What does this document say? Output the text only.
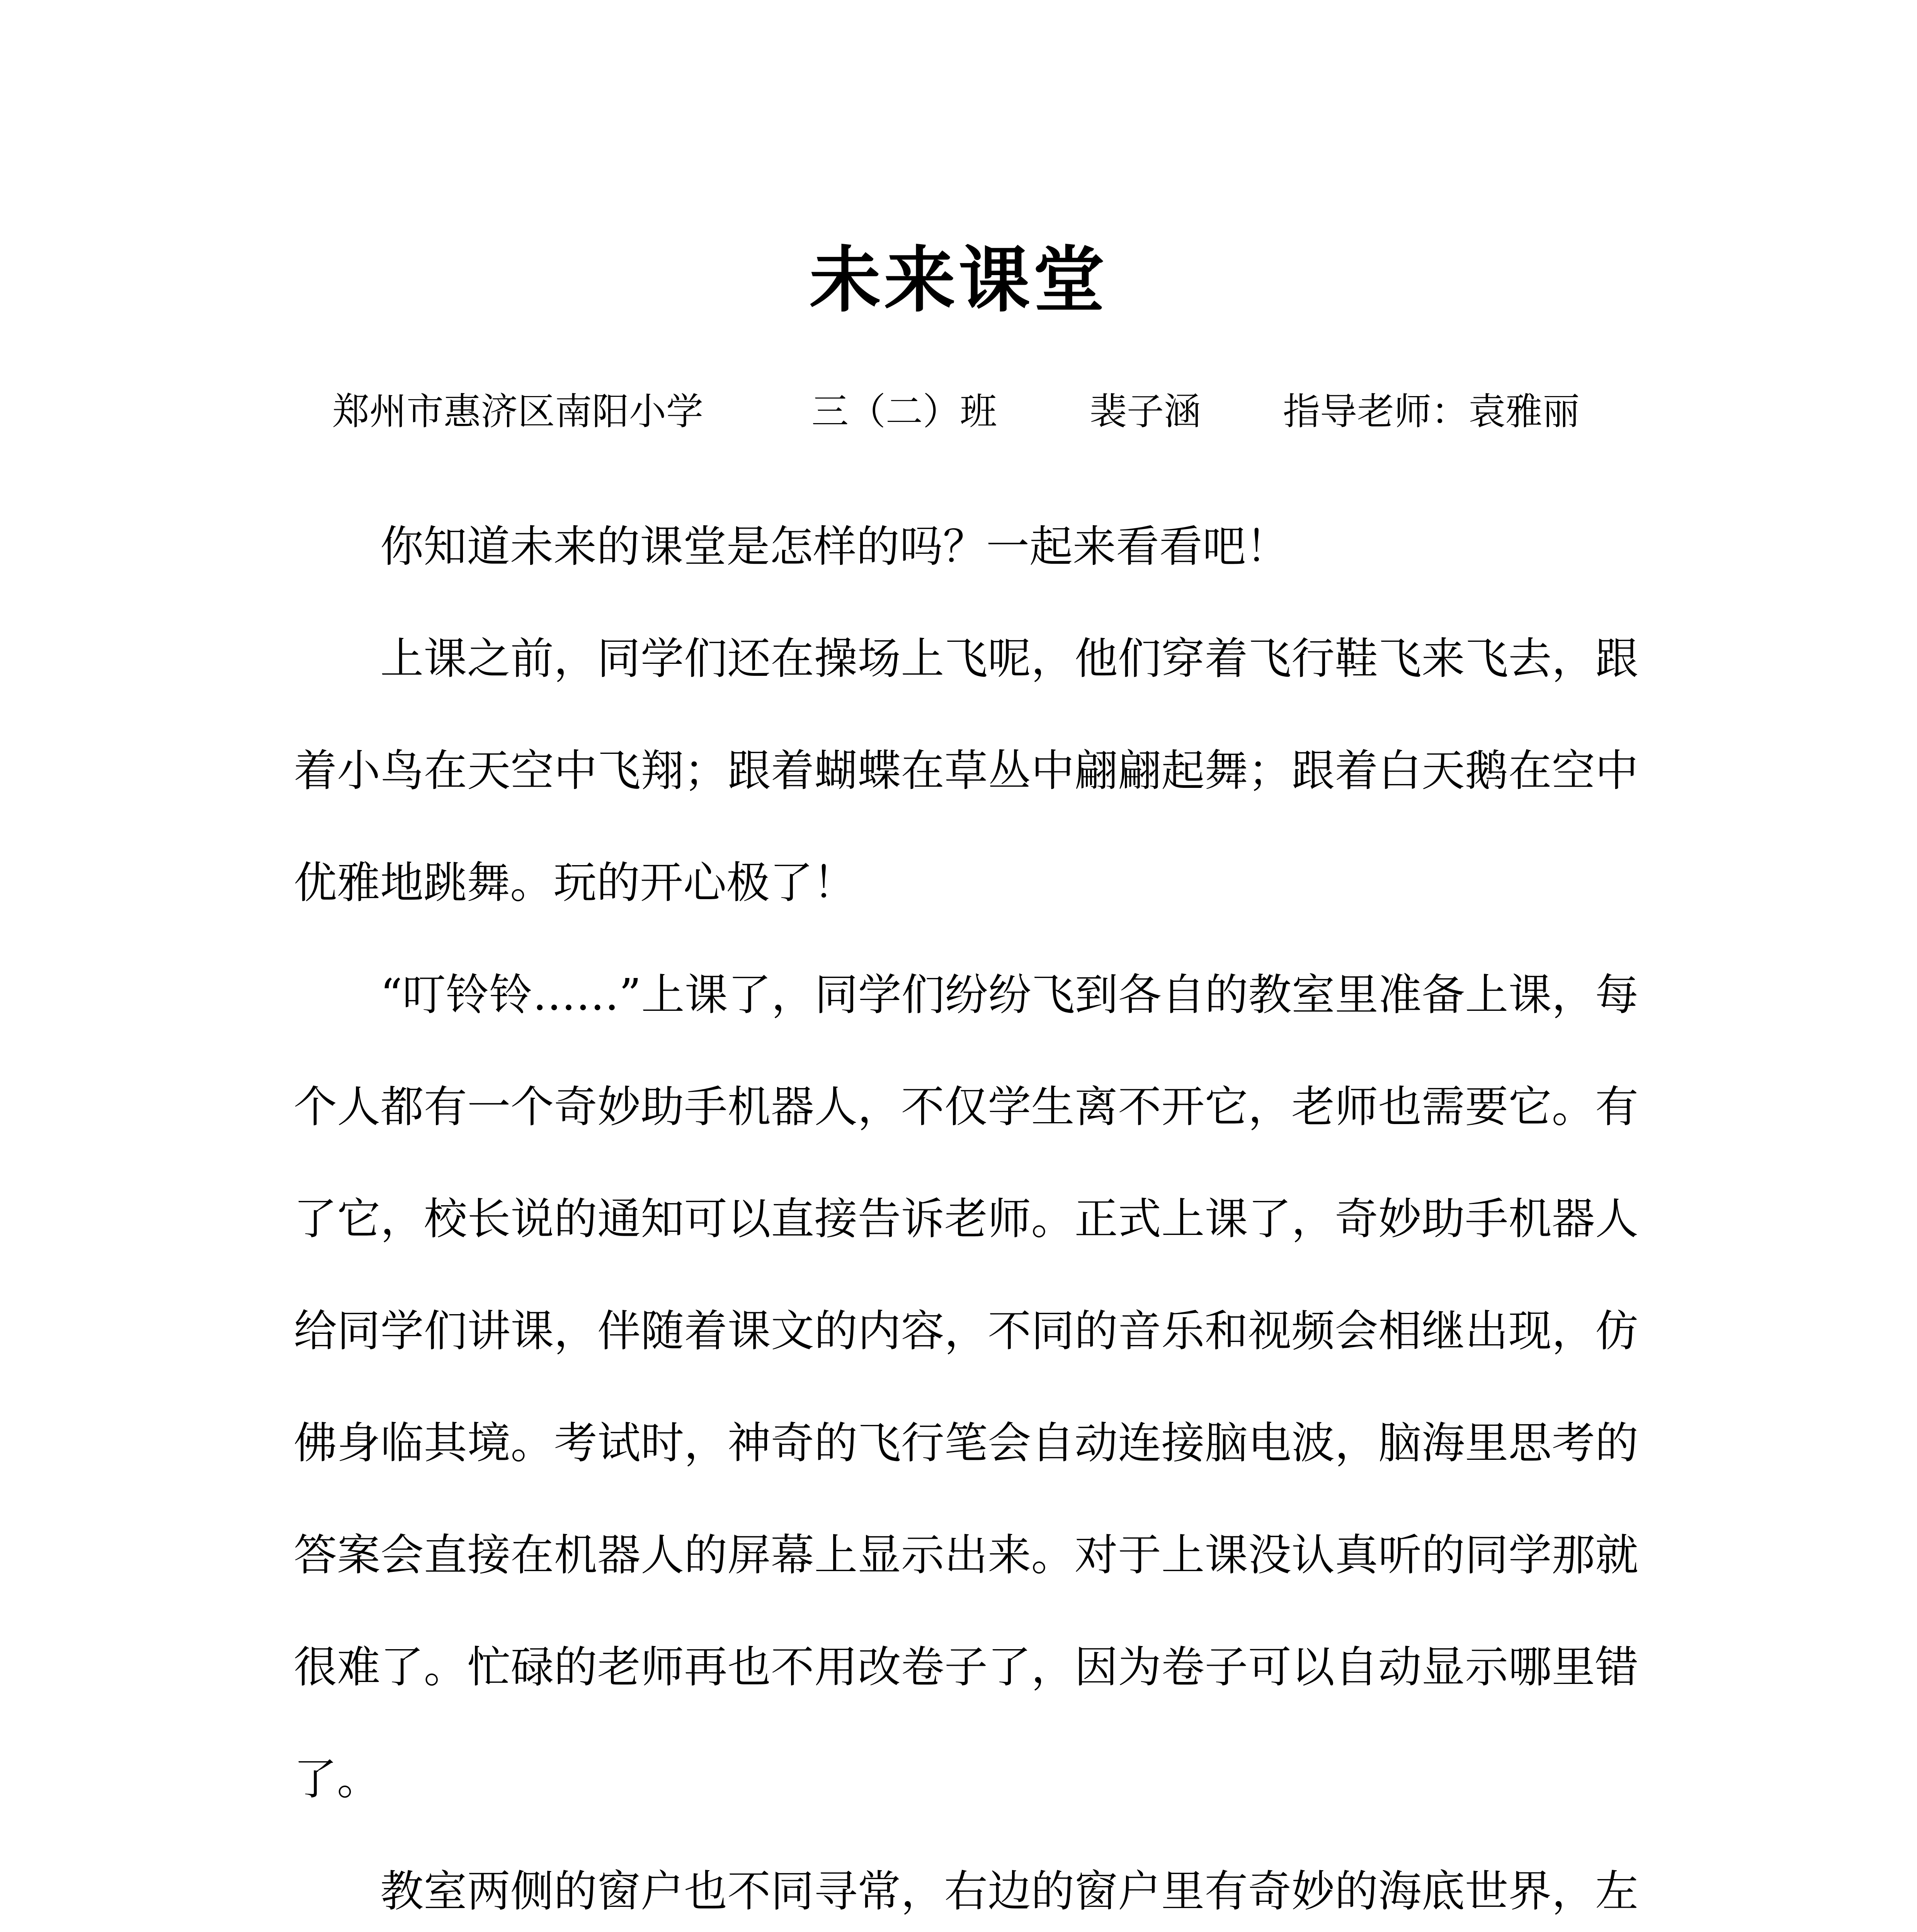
未来课堂
郑州市惠济区南阳小学	三（二）班	裴子涵 指导老师：袁雅丽

你知道未来的课堂是怎样的吗？一起来看看吧！

上课之前，同学们还在操场上飞呢，他们穿着飞行鞋飞来飞去，跟着小鸟在天空中飞翔；跟着蝴蝶在草丛中翩翩起舞；跟着白天鹅在空中优雅地跳舞。玩的开心极了！

“叮铃铃……”上课了，同学们纷纷飞到各自的教室里准备上课，每个人都有一个奇妙助手机器人，不仅学生离不开它，老师也需要它。有了它，校长说的通知可以直接告诉老师。正式上课了，奇妙助手机器人给同学们讲课，伴随着课文的内容，不同的音乐和视频会相继出现，仿佛身临其境。考试时，神奇的飞行笔会自动连接脑电波，脑海里思考的答案会直接在机器人的屏幕上显示出来。对于上课没认真听的同学那就很难了。忙碌的老师再也不用改卷子了，因为卷子可以自动显示哪里错了。

教室两侧的窗户也不同寻常，右边的窗户里有奇妙的海底世界，左
